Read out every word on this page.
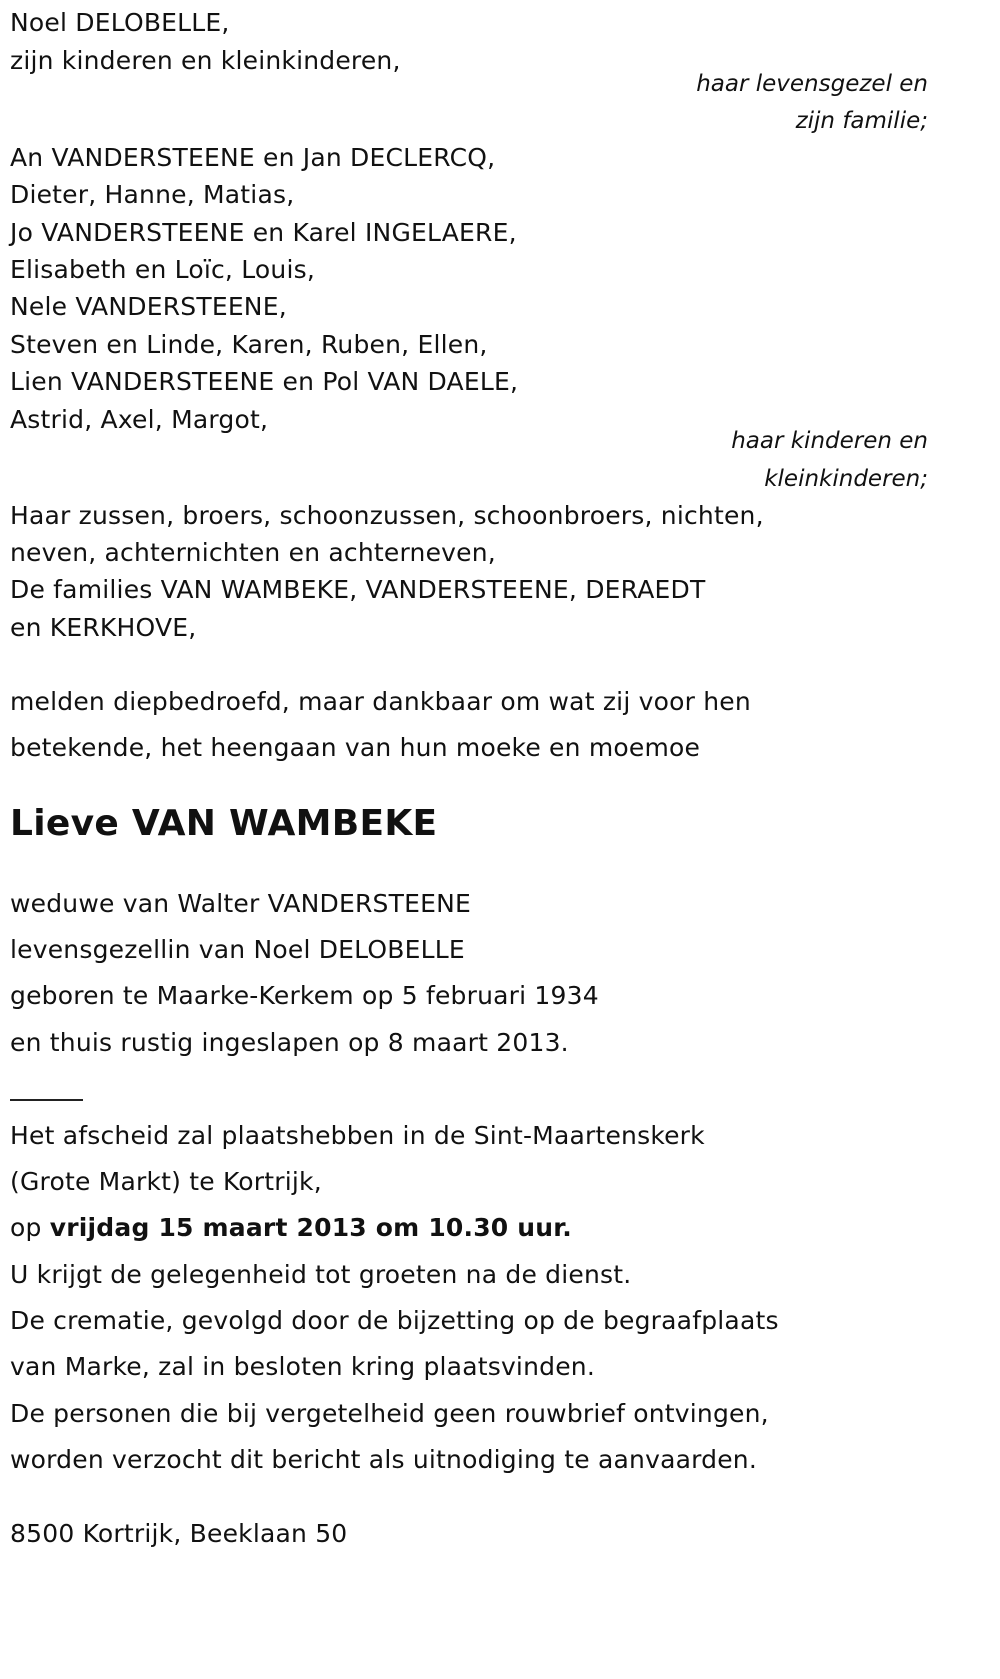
Noel DELOBELLE,
zijn kinderen en kleinkinderen,
haar levensgezel en
zijn familie;
An VANDERSTEENE en Jan DECLERCQ,
Dieter, Hanne, Matias,
Jo VANDERSTEENE en Karel INGELAERE,
Elisabeth en Loïc, Louis,
Nele VANDERSTEENE,
Steven en Linde, Karen, Ruben, Ellen,
Lien VANDERSTEENE en Pol VAN DAELE,
Astrid, Axel, Margot,
haar kinderen en
kleinkinderen;
Haar zussen, broers, schoonzussen, schoonbroers, nichten,
neven, achternichten en achterneven,
De families VAN WAMBEKE, VANDERSTEENE, DERAEDT
en KERKHOVE,
melden diepbedroefd, maar dankbaar om wat zij voor hen
betekende, het heengaan van hun moeke en moemoe
Lieve VAN WAMBEKE
weduwe van Walter VANDERSTEENE
levensgezellin van Noel DELOBELLE
geboren te Maarke-Kerkem op 5 februari 1934
en thuis rustig ingeslapen op 8 maart 2013.
Het afscheid zal plaatshebben in de Sint-Maartenskerk
(Grote Markt) te Kortrijk,
op vrijdag 15 maart 2013 om 10.30 uur.
U krijgt de gelegenheid tot groeten na de dienst.
De crematie, gevolgd door de bijzetting op de begraafplaats
van Marke, zal in besloten kring plaatsvinden.
De personen die bij vergetelheid geen rouwbrief ontvingen,
worden verzocht dit bericht als uitnodiging te aanvaarden.
8500 Kortrijk, Beeklaan 50
